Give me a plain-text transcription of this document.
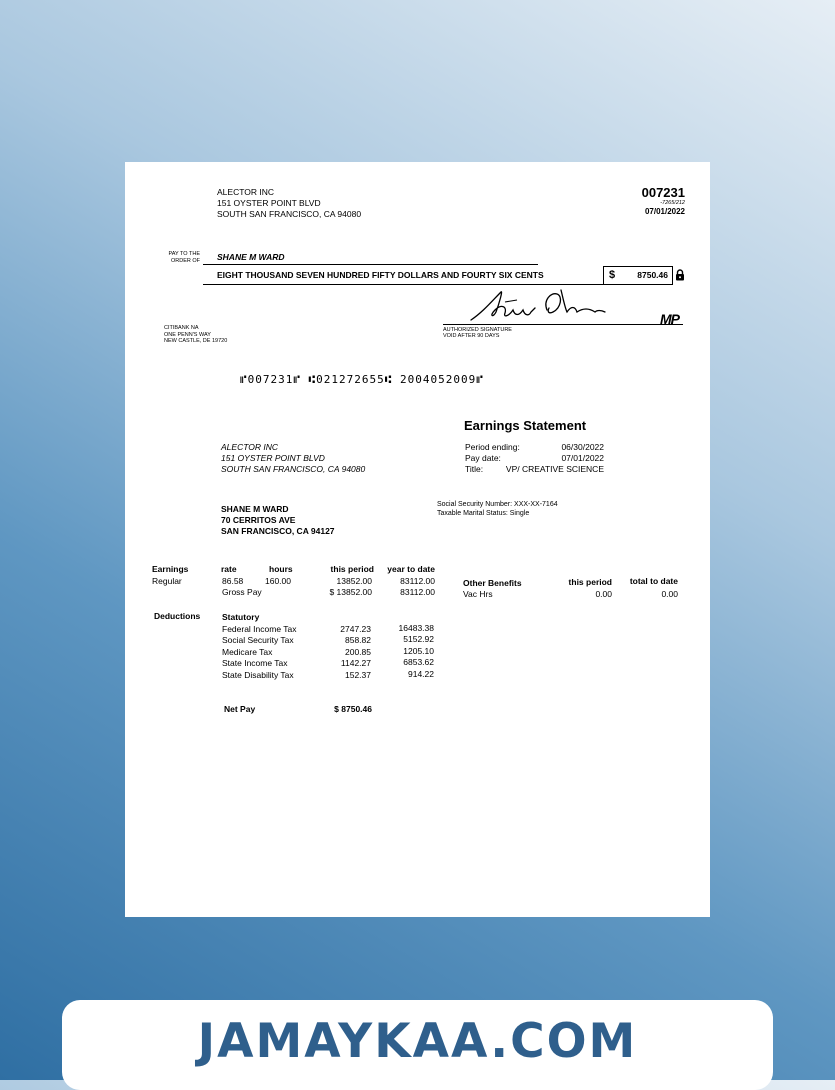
ALECTOR INC
151 OYSTER POINT BLVD
SOUTH SAN FRANCISCO, CA 94080
007231
-7265/212
07/01/2022
PAY TO THE
ORDER OF SHANE M WARD
EIGHT THOUSAND SEVEN HUNDRED FIFTY DOLLARS AND FOURTY SIX CENTS	$	8750.46
AUTHORIZED SIGNATURE
VOID AFTER 90 DAYS
MP
CITIBANK NA
ONE PENN'S WAY
NEW CASTLE, DE 19720
⑈007231⑈ ⑆021272655⑆ 2004052009⑈
Earnings Statement
Period ending:	06/30/2022
Pay date:	07/01/2022
Title:	VP/ CREATIVE SCIENCE
ALECTOR INC
151 OYSTER POINT BLVD
SOUTH SAN FRANCISCO, CA 94080
SHANE M WARD
70 CERRITOS AVE
SAN FRANCISCO, CA 94127
Social Security Number: XXX-XX-7164
Taxable Marital Status: Single
Earnings	rate	hours	this period year to date
Regular	86.58	160.00	13852.00	83112.00
Gross Pay	$ 13852.00	83112.00
Other Benefits	this period total to date
Vac Hrs	0.00	0.00
Deductions	Statutory
Federal Income Tax	2747.23	16483.38
Social Security Tax	858.82	5152.92
Medicare Tax	200.85	1205.10
State Income Tax	1142.27	6853.62
State Disability Tax	152.37	914.22
Net Pay	$ 8750.46
JAMAYKAA.COM
